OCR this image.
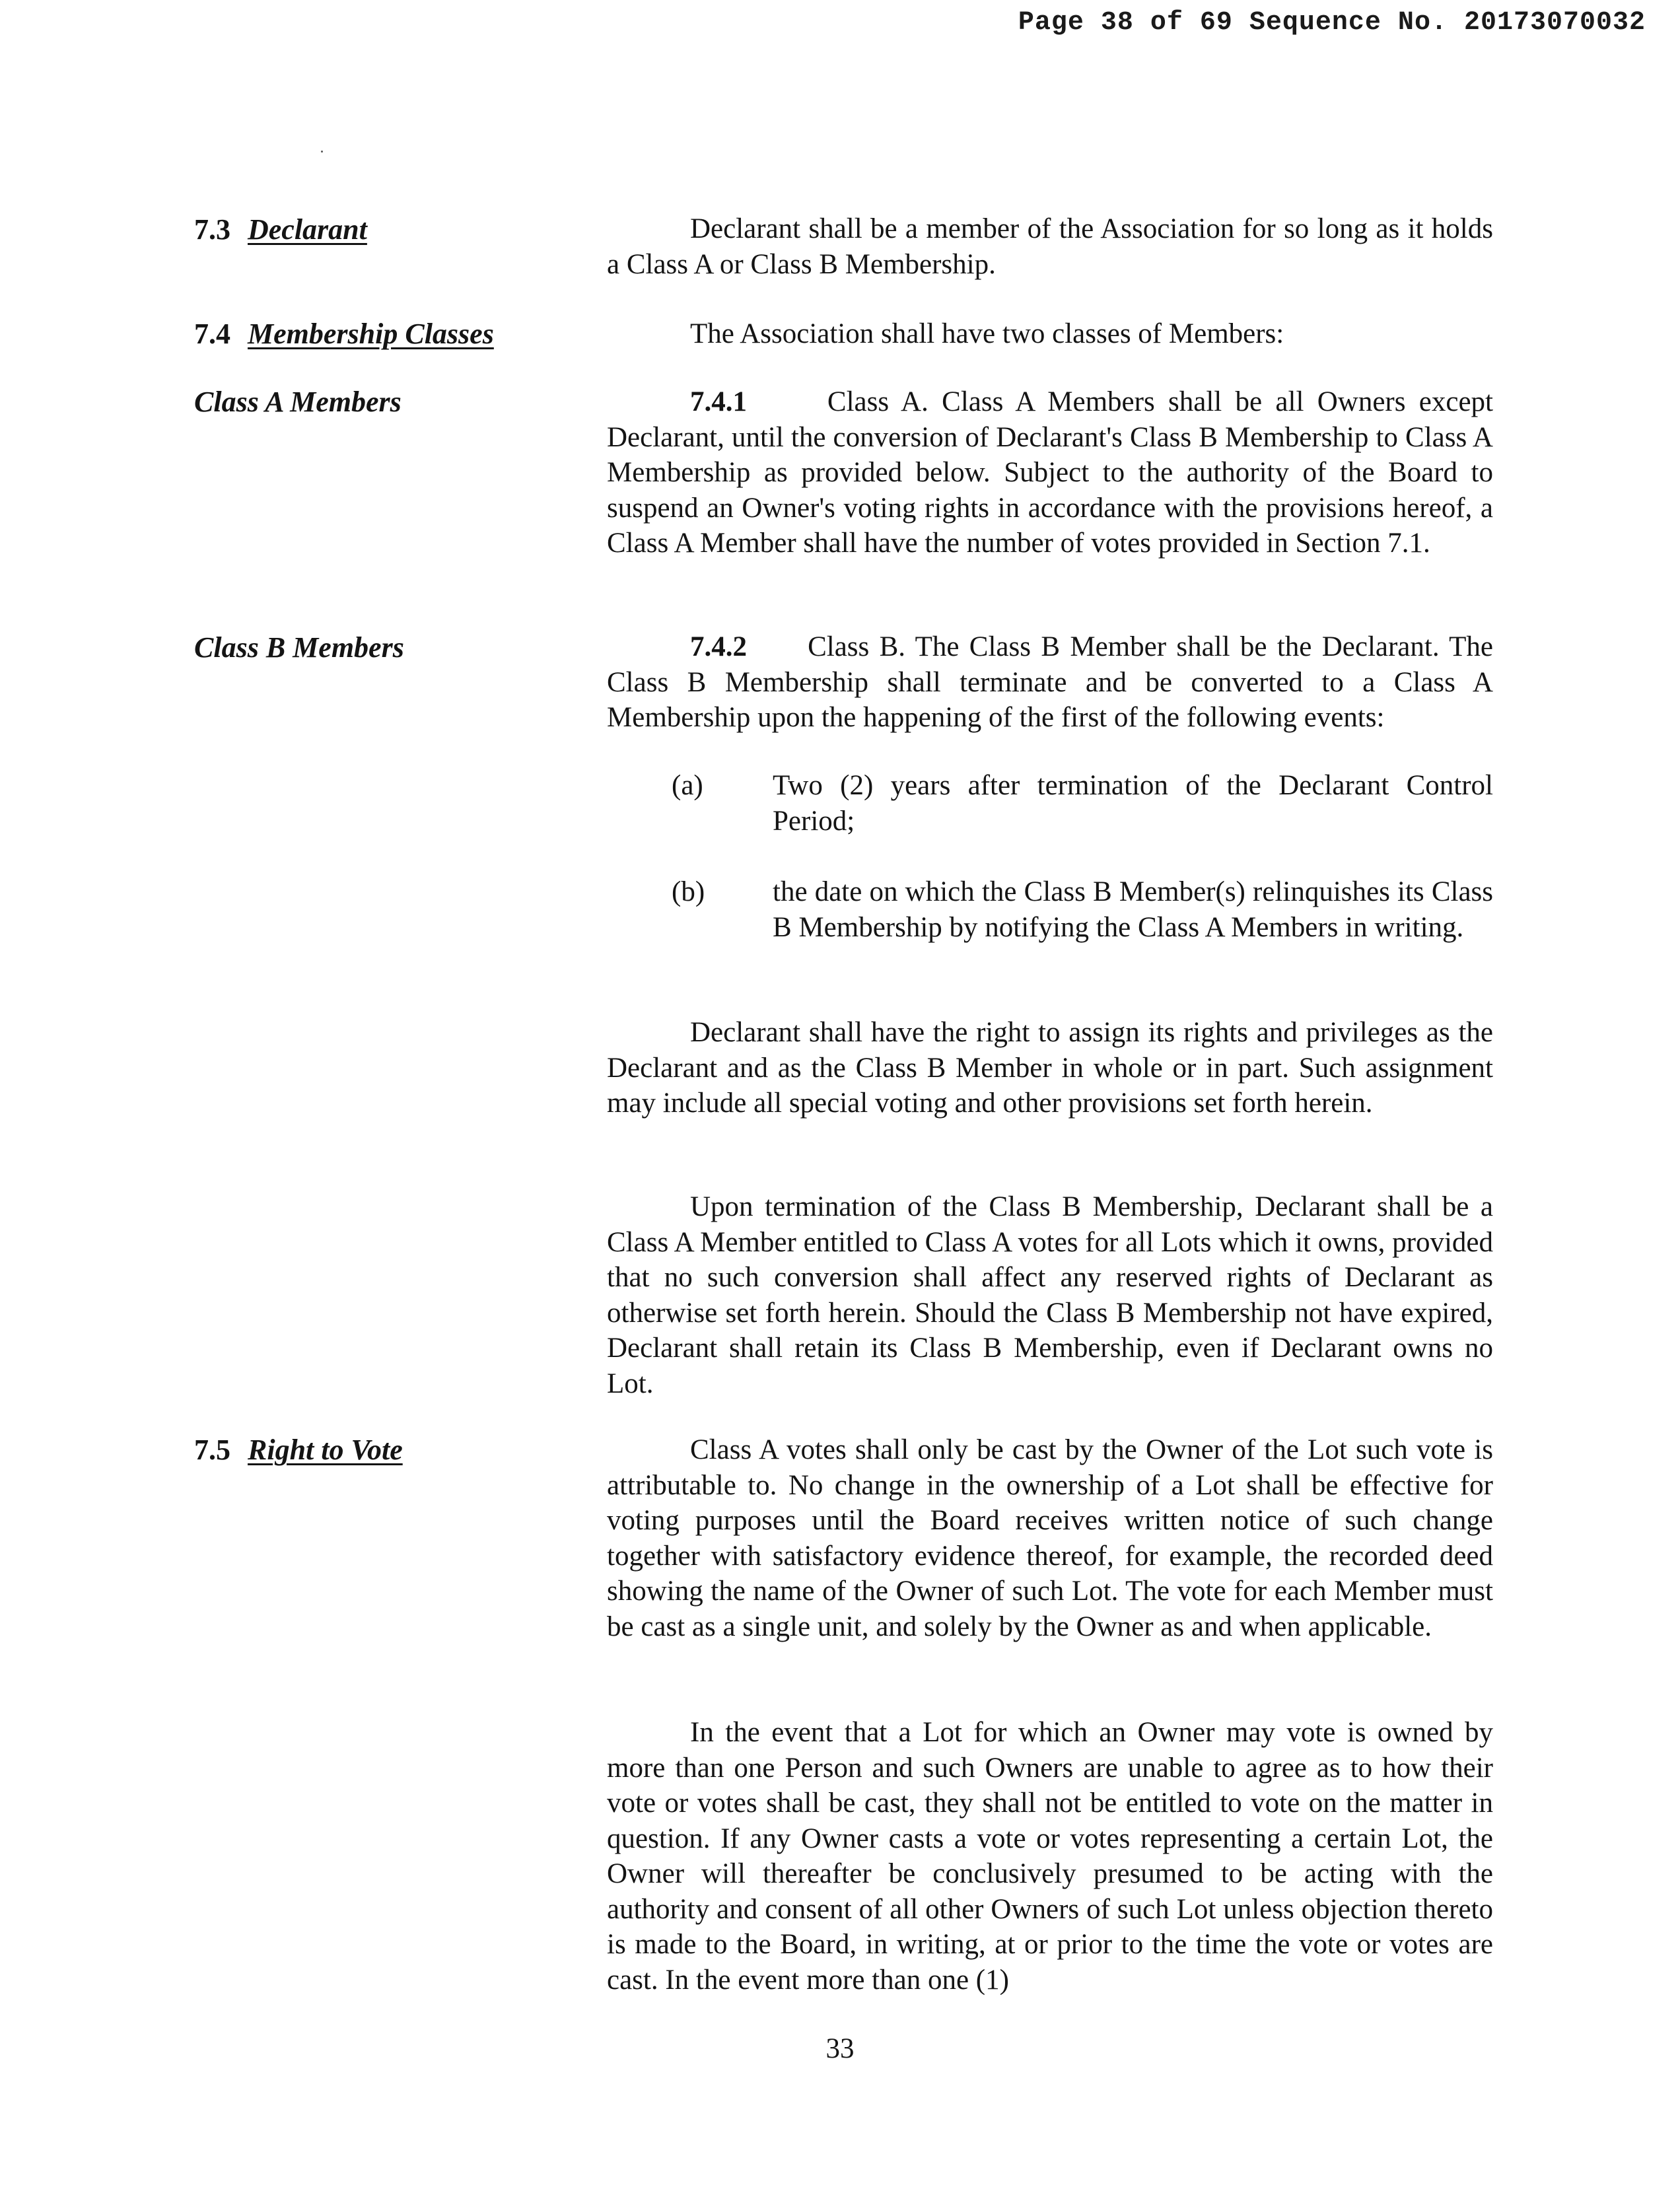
Page 38 of 69 Sequence No. 20173070032
7.3 Declarant	Declarant shall be a member of the Association for so long as it holds a Class A or Class B Membership.
7.4 Membership Classes	The Association shall have two classes of Members:
Class A Members	7.4.1	Class A. Class A Members shall be all Owners except Declarant, until the conversion of Declarant's Class B Membership to Class A Membership as provided below. Subject to the authority of the Board to suspend an Owner's voting rights in accordance with the provisions hereof, a Class A Member shall have the number of votes provided in Section 7.1.
Class B Members	7.4.2 Class B. The Class B Member shall be the Declarant. The Class B Membership shall terminate and be converted to a Class A Membership upon the happening of the first of the following events:
(a) Two (2) years after termination of the Declarant Control Period;
(b) the date on which the Class B Member(s) relinquishes its Class B Membership by notifying the Class A Members in writing.
Declarant shall have the right to assign its rights and privileges as the Declarant and as the Class B Member in whole or in part. Such assignment may include all special voting and other provisions set forth herein.
Upon termination of the Class B Membership, Declarant shall be a Class A Member entitled to Class A votes for all Lots which it owns, provided that no such conversion shall affect any reserved rights of Declarant as otherwise set forth herein. Should the Class B Membership not have expired, Declarant shall retain its Class B Membership, even if Declarant owns no Lot.
7.5 Right to Vote	Class A votes shall only be cast by the Owner of the Lot such vote is attributable to. No change in the ownership of a Lot shall be effective for voting purposes until the Board receives written notice of such change together with satisfactory evidence thereof, for example, the recorded deed showing the name of the Owner of such Lot. The vote for each Member must be cast as a single unit, and solely by the Owner as and when applicable.
In the event that a Lot for which an Owner may vote is owned by more than one Person and such Owners are unable to agree as to how their vote or votes shall be cast, they shall not be entitled to vote on the matter in question. If any Owner casts a vote or votes representing a certain Lot, the Owner will thereafter be conclusively presumed to be acting with the authority and consent of all other Owners of such Lot unless objection thereto is made to the Board, in writing, at or prior to the time the vote or votes are cast. In the event more than one (1)
33
